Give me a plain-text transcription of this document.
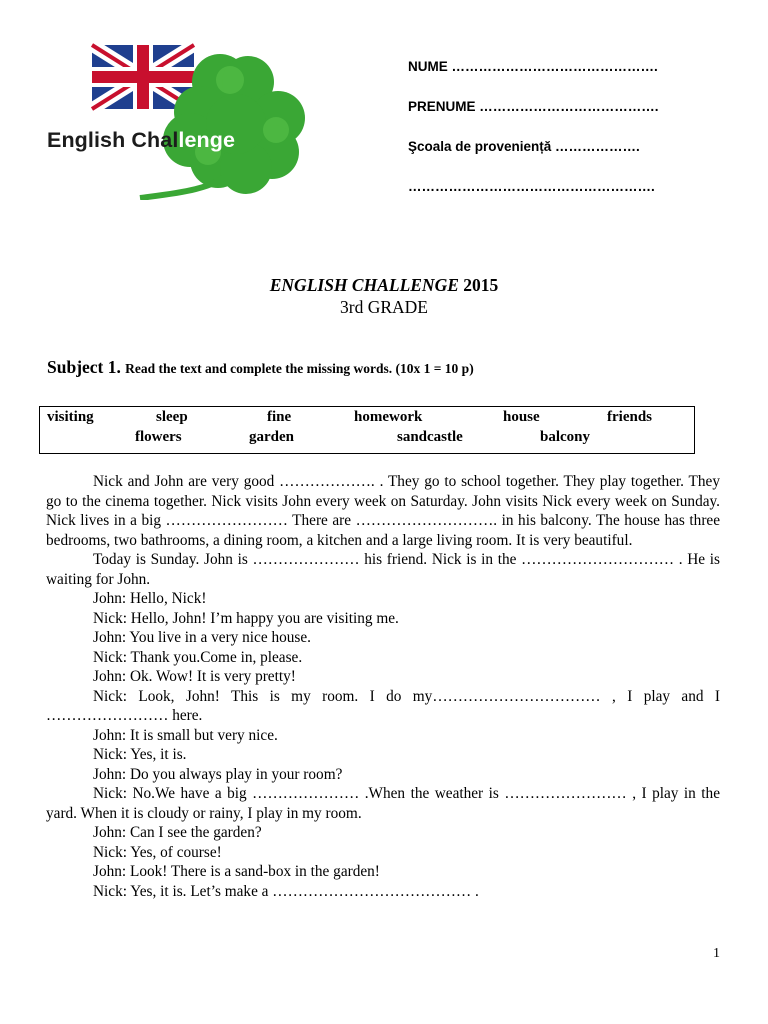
English Challenge
NUME ……………………………………….
PRENUME ………………………………….
Şcoala de proveniență ……………….
……………………………………………….
ENGLISH CHALLENGE 2015
3rd GRADE
Subject 1. Read the text and complete the missing words. (10x 1 = 10 p)
visiting	sleep	fine	homework	house	friends
flowers	garden	sandcastle	balcony

Nick and John are very good ………………. . They go to school together. They play together. They go to the cinema together. Nick visits John every week on Saturday. John visits Nick every week on Sunday. Nick lives in a big …………………… There are ………………………. in his balcony. The house has three bedrooms, two bathrooms, a dining room, a kitchen and a large living room. It is very beautiful.

Today is Sunday. John is ………………… his friend. Nick is in the ………………………… . He is waiting for John.

John: Hello, Nick!

Nick: Hello, John! I’m happy you are visiting me.

John: You live in a very nice house.

Nick: Thank you.Come in, please.

John: Ok. Wow! It is very pretty!

Nick: Look, John! This is my room. I do my…………………………… , I play and I …………………… here.

John: It is small but very nice.

Nick: Yes, it is.

John: Do you always play in your room?

Nick: No.We have a big ………………… .When the weather is …………………… , I play in the yard. When it is cloudy or rainy, I play in my room.

John: Can I see the garden?

Nick: Yes, of course!

John: Look! There is a sand-box in the garden!

Nick: Yes, it is. Let’s make a ………………………………… .

1
